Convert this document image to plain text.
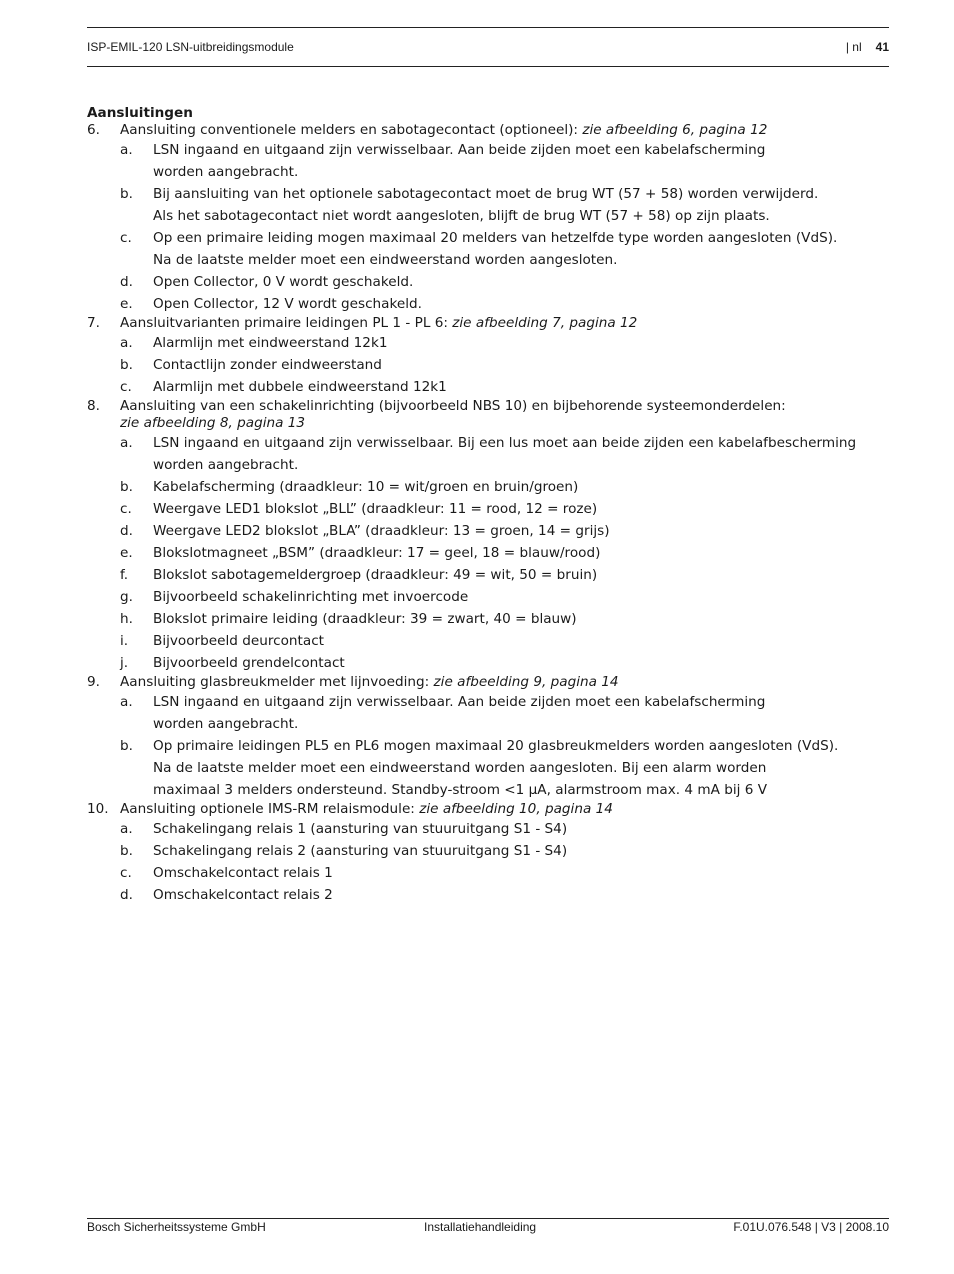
ISP-EMIL-120 LSN-uitbreidingsmodule	| nl 41
Aansluitingen
6. Aansluiting conventionele melders en sabotagecontact (optioneel): zie afbeelding 6, pagina 12
a. LSN ingaand en uitgaand zijn verwisselbaar. Aan beide zijden moet een kabelafscherming
worden aangebracht.
b. Bij aansluiting van het optionele sabotagecontact moet de brug WT (57 + 58) worden verwijderd.
Als het sabotagecontact niet wordt aangesloten, blijft de brug WT (57 + 58) op zijn plaats.
c. Op een primaire leiding mogen maximaal 20 melders van hetzelfde type worden aangesloten (VdS).
Na de laatste melder moet een eindweerstand worden aangesloten.
d. Open Collector, 0 V wordt geschakeld.
e. Open Collector, 12 V wordt geschakeld.
7. Aansluitvarianten primaire leidingen PL 1 - PL 6: zie afbeelding 7, pagina 12
a. Alarmlijn met eindweerstand 12k1
b. Contactlijn zonder eindweerstand
c. Alarmlijn met dubbele eindweerstand 12k1
8. Aansluiting van een schakelinrichting (bijvoorbeeld NBS 10) en bijbehorende systeemonderdelen:
zie afbeelding 8, pagina 13
a. LSN ingaand en uitgaand zijn verwisselbaar. Bij een lus moet aan beide zijden een kabelafbescherming
worden aangebracht.
b. Kabelafscherming (draadkleur: 10 = wit/groen en bruin/groen)
c. Weergave LED1 blokslot „BLL” (draadkleur: 11 = rood, 12 = roze)
d. Weergave LED2 blokslot „BLA” (draadkleur: 13 = groen, 14 = grijs)
e. Blokslotmagneet „BSM” (draadkleur: 17 = geel, 18 = blauw/rood)
f. Blokslot sabotagemeldergroep (draadkleur: 49 = wit, 50 = bruin)
g. Bijvoorbeeld schakelinrichting met invoercode
h. Blokslot primaire leiding (draadkleur: 39 = zwart, 40 = blauw)
i. Bijvoorbeeld deurcontact
j. Bijvoorbeeld grendelcontact
9. Aansluiting glasbreukmelder met lijnvoeding: zie afbeelding 9, pagina 14
a. LSN ingaand en uitgaand zijn verwisselbaar. Aan beide zijden moet een kabelafscherming
worden aangebracht.
b. Op primaire leidingen PL5 en PL6 mogen maximaal 20 glasbreukmelders worden aangesloten (VdS).
Na de laatste melder moet een eindweerstand worden aangesloten. Bij een alarm worden
maximaal 3 melders ondersteund. Standby-stroom <1 µA, alarmstroom max. 4 mA bij 6 V
10. Aansluiting optionele IMS-RM relaismodule: zie afbeelding 10, pagina 14
a. Schakelingang relais 1 (aansturing van stuuruitgang S1 - S4)
b. Schakelingang relais 2 (aansturing van stuuruitgang S1 - S4)
c. Omschakelcontact relais 1
d. Omschakelcontact relais 2
Bosch Sicherheitssysteme GmbH	Installatiehandleiding	F.01U.076.548 | V3 | 2008.10
